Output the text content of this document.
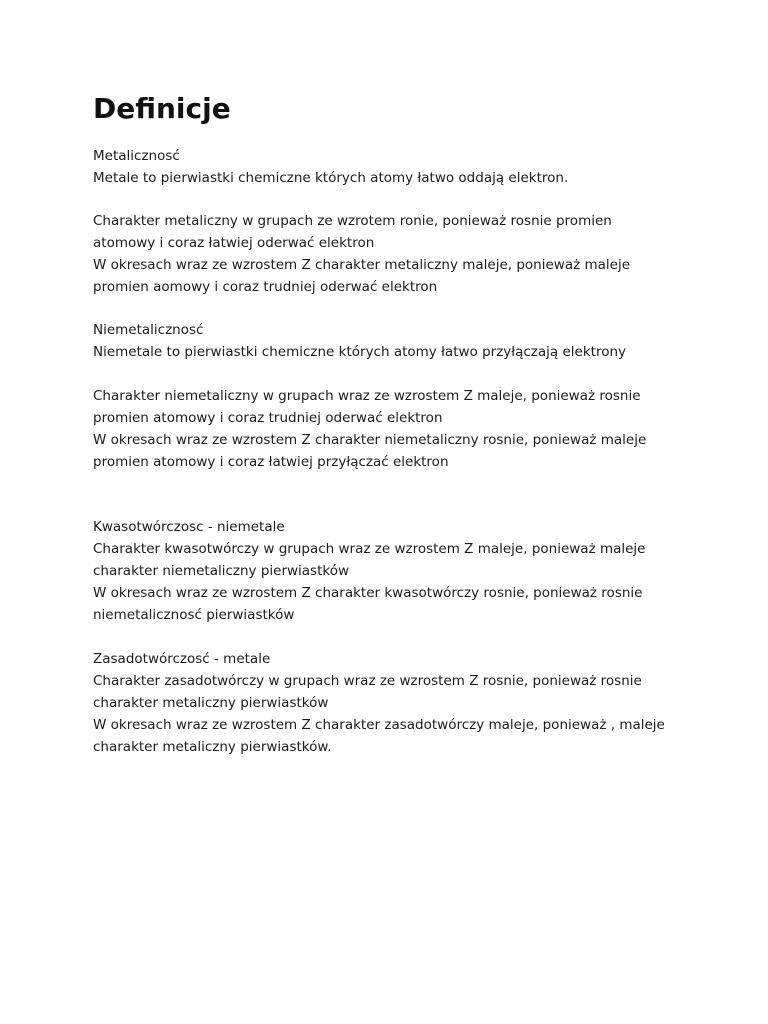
Definicje
Metalicznosć
Metale to pierwiastki chemiczne których atomy łatwo oddają elektron.
Charakter metaliczny w grupach ze wzrotem ronie, ponieważ rosnie promien
atomowy i coraz łatwiej oderwać elektron
W okresach wraz ze wzrostem Z charakter metaliczny maleje, ponieważ maleje
promien aomowy i coraz trudniej oderwać elektron
Niemetalicznosć
Niemetale to pierwiastki chemiczne których atomy łatwo przyłączają elektrony
Charakter niemetaliczny w grupach wraz ze wzrostem Z maleje, ponieważ rosnie
promien atomowy i coraz trudniej oderwać elektron
W okresach wraz ze wzrostem Z charakter niemetaliczny rosnie, ponieważ maleje
promien atomowy i coraz łatwiej przyłączać elektron
Kwasotwórczosc - niemetale
Charakter kwasotwórczy w grupach wraz ze wzrostem Z maleje, ponieważ maleje
charakter niemetaliczny pierwiastków
W okresach wraz ze wzrostem Z charakter kwasotwórczy rosnie, ponieważ rosnie
niemetalicznosć pierwiastków
Zasadotwórczosć - metale
Charakter zasadotwórczy w grupach wraz ze wzrostem Z rosnie, ponieważ rosnie
charakter metaliczny pierwiastków
W okresach wraz ze wzrostem Z charakter zasadotwórczy maleje, ponieważ , maleje
charakter metaliczny pierwiastków.
